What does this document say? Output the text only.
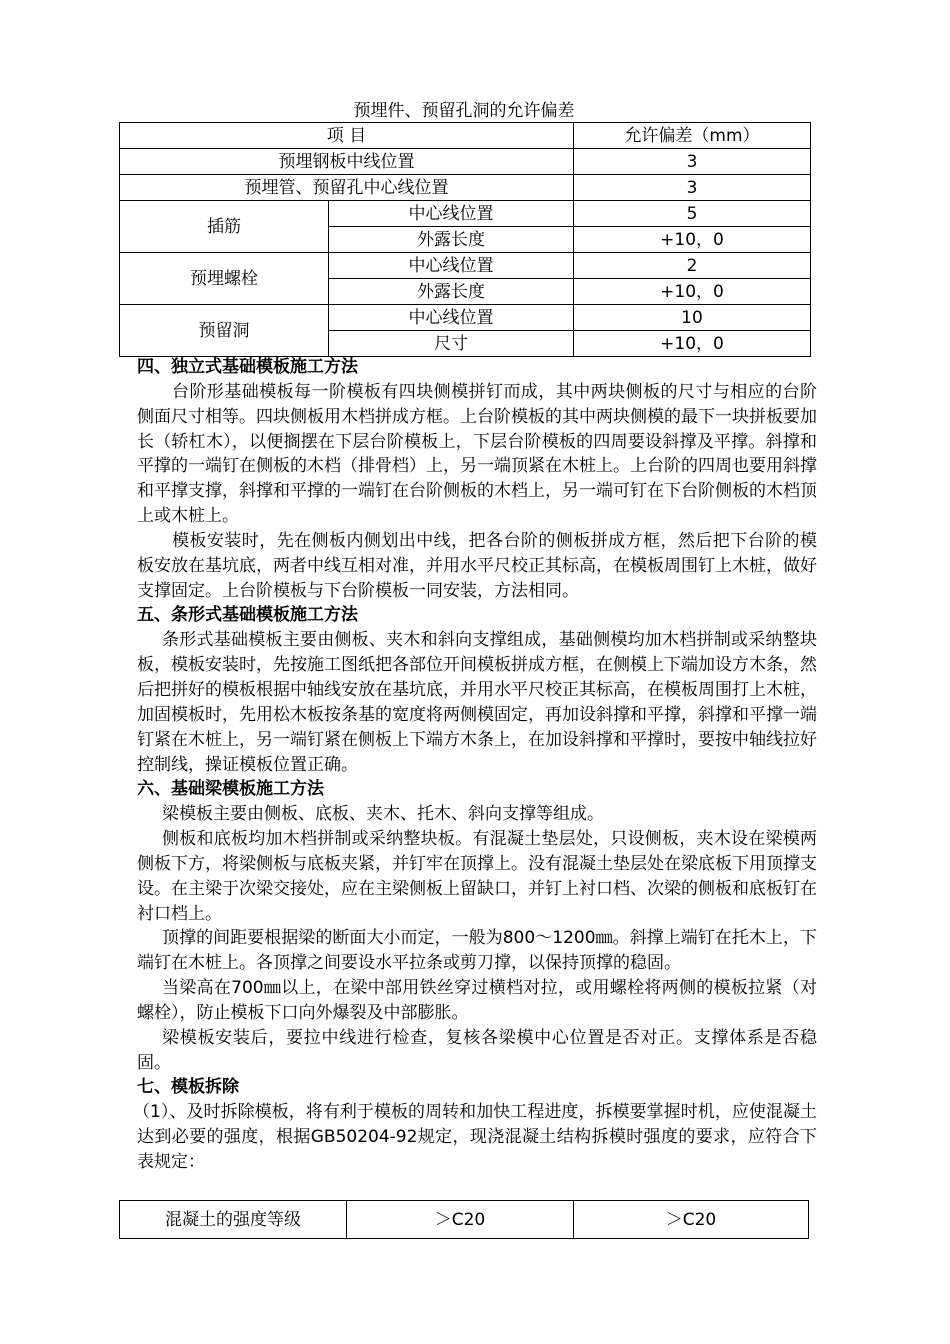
预埋件、预留孔洞的允许偏差
项 目		允许偏差（mm）
预埋钢板中线位置		3
预埋管、预留孔中心线位置		3
插筋	中心线位置	5
	外露长度	+10，0
预埋螺栓	中心线位置	2
	外露长度	+10，0
预留洞	中心线位置	10
	尺寸	+10，0

四、独立式基础模板施工方法

台阶形基础模板每一阶模板有四块侧模拼钉而成，其中两块侧板的尺寸与相应的台阶侧面尺寸相等。四块侧板用木档拼成方框。上台阶模板的其中两块侧模的最下一块拼板要加长（轿杠木），以便搁摆在下层台阶模板上，下层台阶模板的四周要设斜撑及平撑。斜撑和平撑的一端钉在侧板的木档（排骨档）上，另一端顶紧在木桩上。上台阶的四周也要用斜撑和平撑支撑，斜撑和平撑的一端钉在台阶侧板的木档上，另一端可钉在下台阶侧板的木档顶上或木桩上。

模板安装时，先在侧板内侧划出中线，把各台阶的侧板拼成方框，然后把下台阶的模板安放在基坑底，两者中线互相对准，并用水平尺校正其标高，在模板周围钉上木桩，做好支撑固定。上台阶模板与下台阶模板一同安装，方法相同。

五、条形式基础模板施工方法

条形式基础模板主要由侧板、夹木和斜向支撑组成，基础侧模均加木档拼制或采纳整块板，模板安装时，先按施工图纸把各部位开间模板拼成方框，在侧模上下端加设方木条，然后把拼好的模板根据中轴线安放在基坑底，并用水平尺校正其标高，在模板周围打上木桩，加固模板时，先用松木板按条基的宽度将两侧模固定，再加设斜撑和平撑，斜撑和平撑一端钉紧在木桩上，另一端钉紧在侧板上下端方木条上，在加设斜撑和平撑时，要按中轴线拉好控制线，操证模板位置正确。

六、基础梁模板施工方法

梁模板主要由侧板、底板、夹木、托木、斜向支撑等组成。

侧板和底板均加木档拼制或采纳整块板。有混凝土垫层处，只设侧板，夹木设在梁模两侧板下方，将梁侧板与底板夹紧，并钉牢在顶撑上。没有混凝土垫层处在梁底板下用顶撑支设。在主梁于次梁交接处，应在主梁侧板上留缺口，并钉上衬口档、次梁的侧板和底板钉在衬口档上。

顶撑的间距要根据梁的断面大小而定，一般为800～1200㎜。斜撑上端钉在托木上，下端钉在木桩上。各顶撑之间要设水平拉条或剪刀撑，以保持顶撑的稳固。

当梁高在700㎜以上，在梁中部用铁丝穿过横档对拉，或用螺栓将两侧的模板拉紧（对螺栓），防止模板下口向外爆裂及中部膨胀。

梁模板安装后，要拉中线进行检查，复核各梁模中心位置是否对正。支撑体系是否稳固。

七、模板拆除

（1）、及时拆除模板，将有利于模板的周转和加快工程进度，拆模要掌握时机，应使混凝土达到必要的强度，根据GB50204-92规定，现浇混凝土结构拆模时强度的要求，应符合下表规定：

混凝土的强度等级	＞C20	＞C20
